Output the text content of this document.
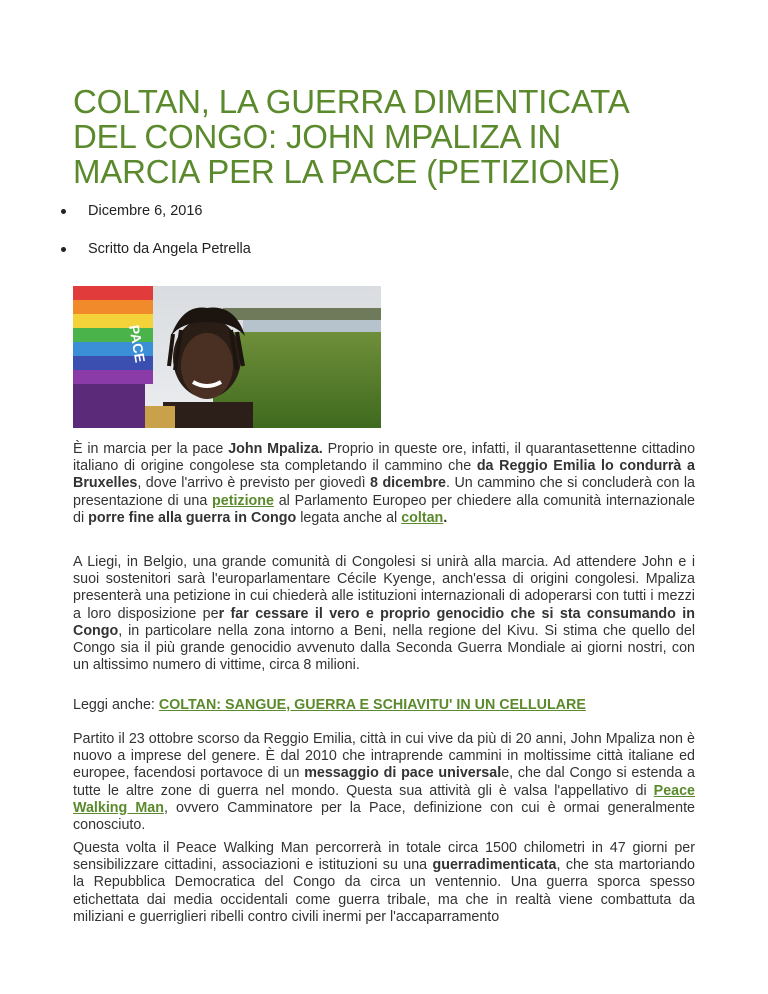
COLTAN, LA GUERRA DIMENTICATA DEL CONGO: JOHN MPALIZA IN MARCIA PER LA PACE (PETIZIONE)
Dicembre 6, 2016
Scritto da Angela Petrella
PACE

È in marcia per la pace John Mpaliza. Proprio in queste ore, infatti, il quarantasettenne cittadino italiano di origine congolese sta completando il cammino che da Reggio Emilia lo condurrà a Bruxelles, dove l'arrivo è previsto per giovedì 8 dicembre. Un cammino che si concluderà con la presentazione di una petizione al Parlamento Europeo per chiedere alla comunità internazionale di porre fine alla guerra in Congo legata anche al coltan.

A Liegi, in Belgio, una grande comunità di Congolesi si unirà alla marcia. Ad attendere John e i suoi sostenitori sarà l'europarlamentare Cécile Kyenge, anch'essa di origini congolesi. Mpaliza presenterà una petizione in cui chiederà alle istituzioni internazionali di adoperarsi con tutti i mezzi a loro disposizione per far cessare il vero e proprio genocidio che si sta consumando in Congo, in particolare nella zona intorno a Beni, nella regione del Kivu. Si stima che quello del Congo sia il più grande genocidio avvenuto dalla Seconda Guerra Mondiale ai giorni nostri, con un altissimo numero di vittime, circa 8 milioni.

Leggi anche: COLTAN: SANGUE, GUERRA E SCHIAVITU' IN UN CELLULARE

Partito il 23 ottobre scorso da Reggio Emilia, città in cui vive da più di 20 anni, John Mpaliza non è nuovo a imprese del genere. È dal 2010 che intraprende cammini in moltissime città italiane ed europee, facendosi portavoce di un messaggio di pace universale, che dal Congo si estenda a tutte le altre zone di guerra nel mondo. Questa sua attività gli è valsa l'appellativo di Peace Walking Man, ovvero Camminatore per la Pace, definizione con cui è ormai generalmente conosciuto.

Questa volta il Peace Walking Man percorrerà in totale circa 1500 chilometri in 47 giorni per sensibilizzare cittadini, associazioni e istituzioni su una guerradimenticata, che sta martoriando la Repubblica Democratica del Congo da circa un ventennio. Una guerra sporca spesso etichettata dai media occidentali come guerra tribale, ma che in realtà viene combattuta da miliziani e guerriglieri ribelli contro civili inermi per l'accaparramento
